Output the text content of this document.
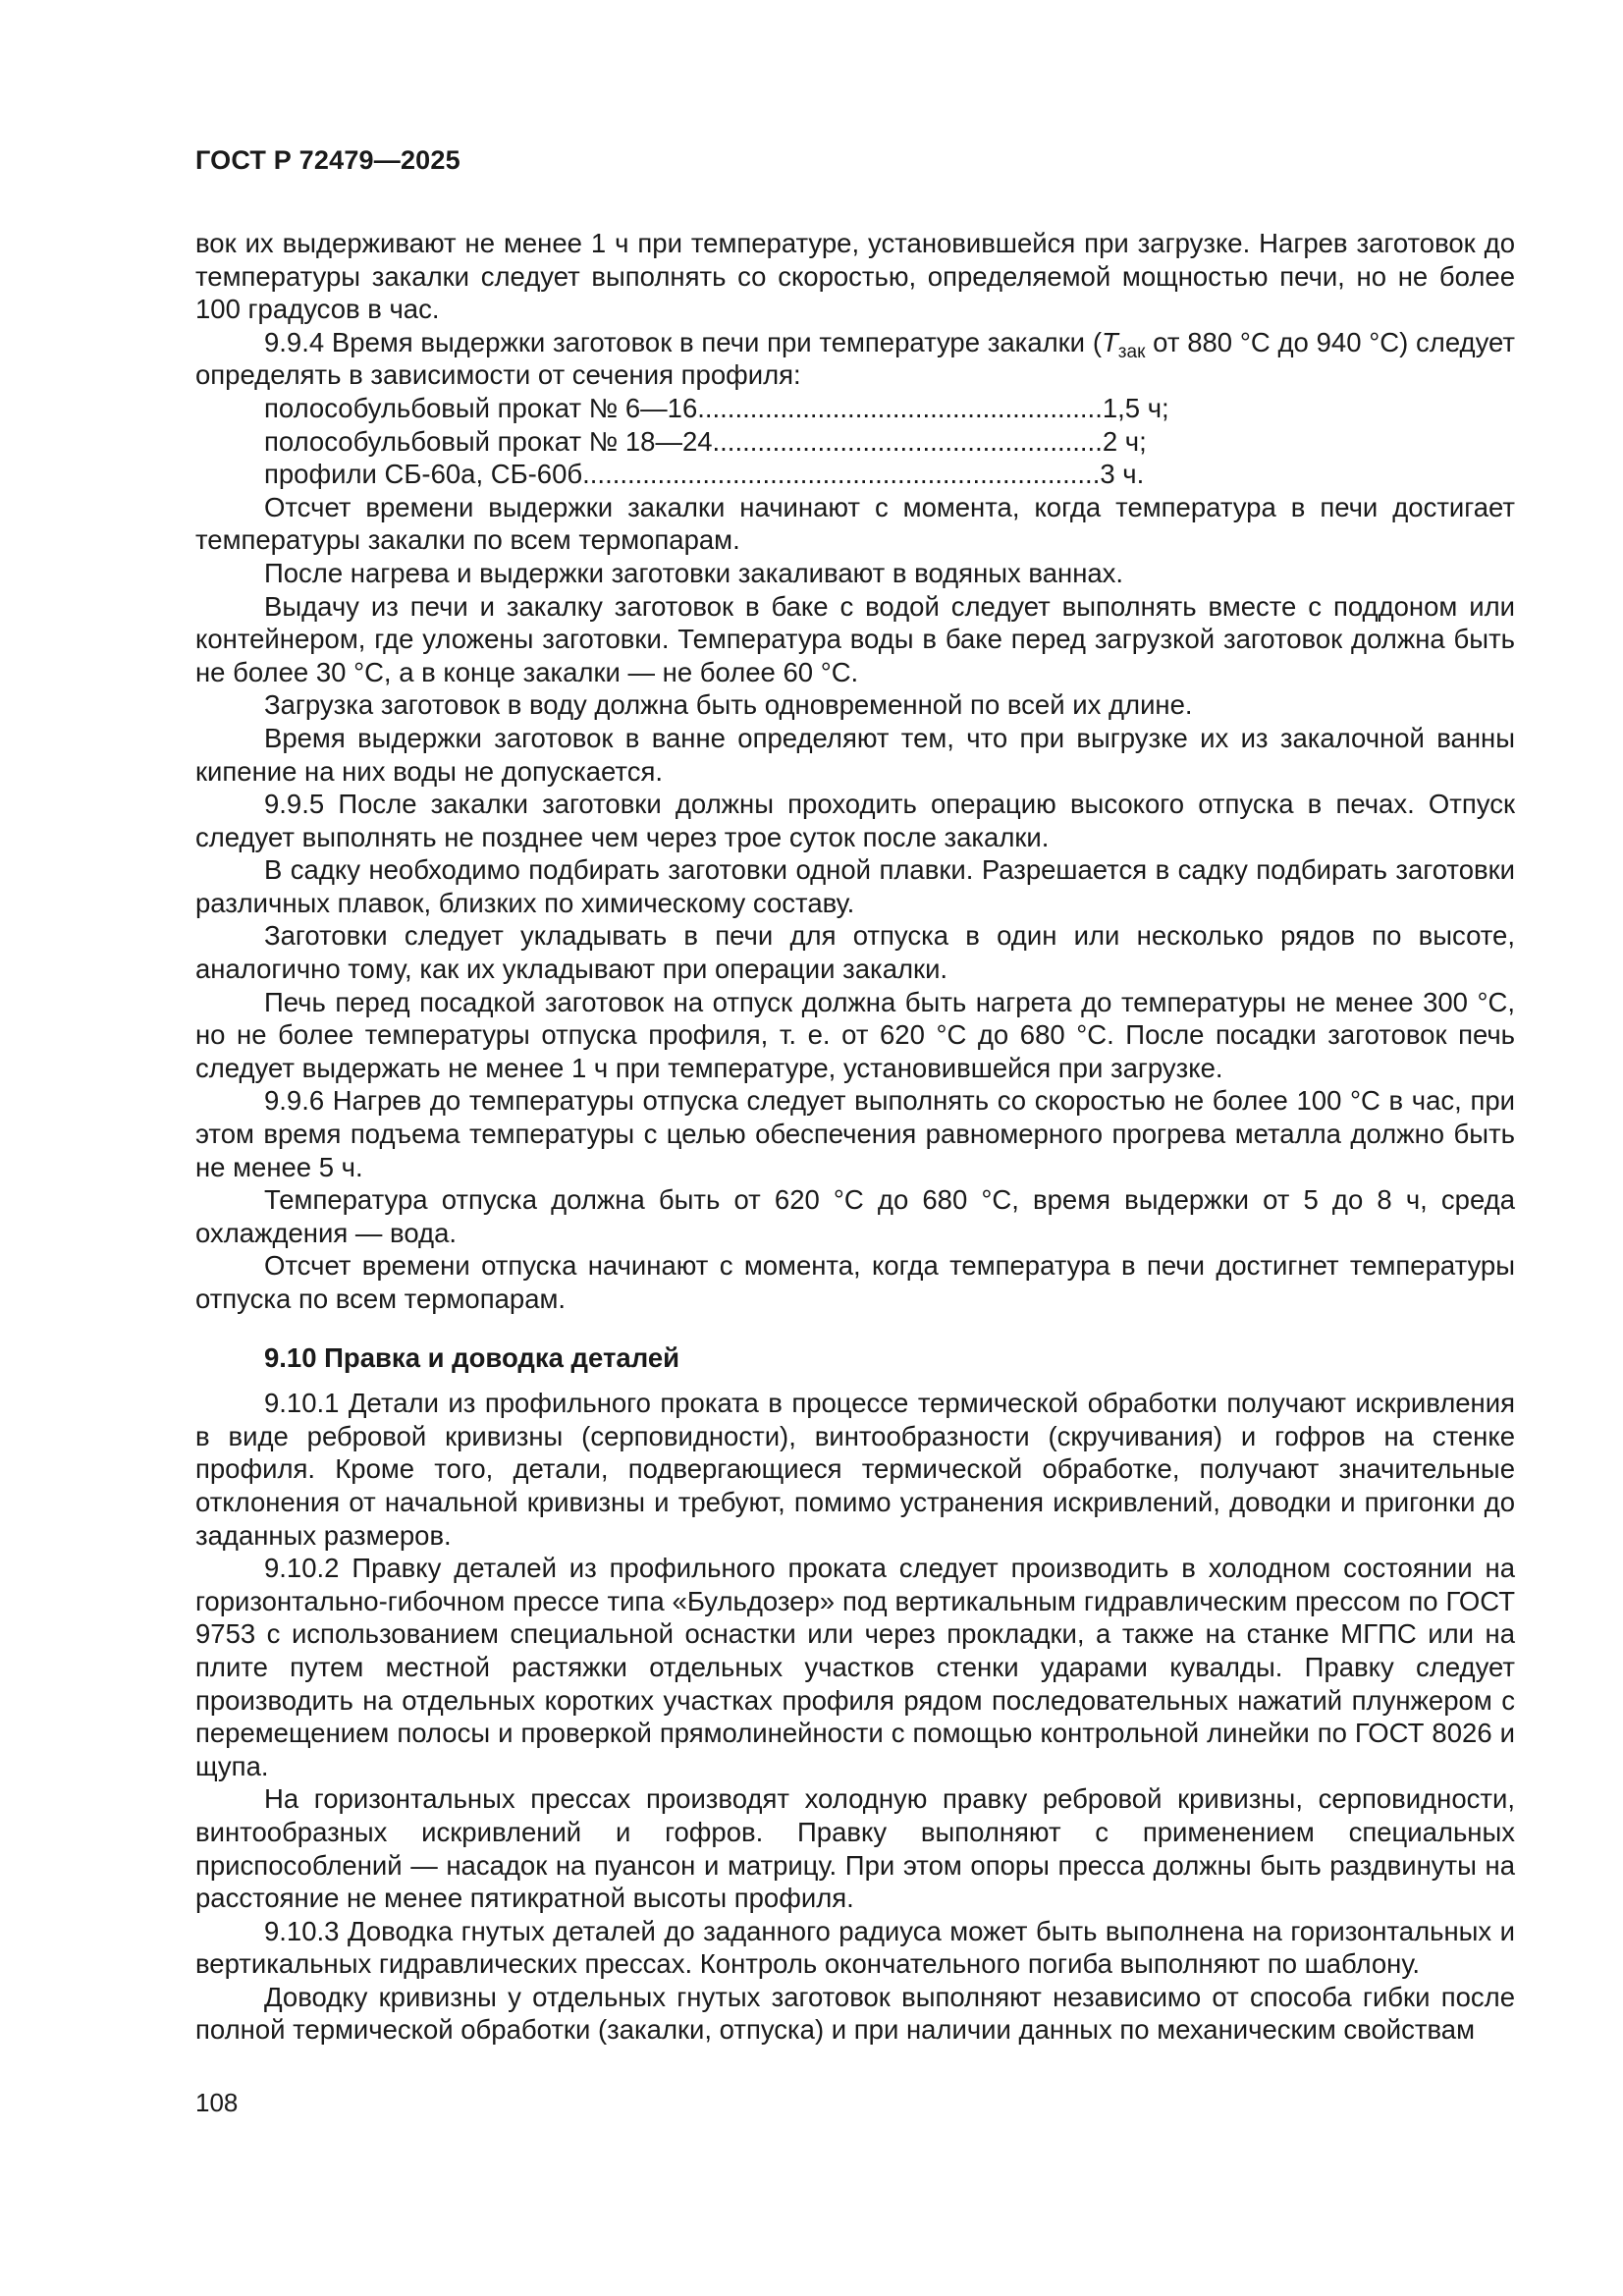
ГОСТ Р 72479—2025

вок их выдерживают не менее 1 ч при температуре, установившейся при загрузке. Нагрев заготовок до температуры закалки следует выполнять со скоростью, определяемой мощностью печи, но не более 100 градусов в час.

9.9.4 Время выдержки заготовок в печи при температуре закалки ($T_{зак}$ от 880 °С до 940 °С) следует определять в зависимости от сечения профиля:

полособульбовый прокат № 6—16 ...................................................... 1,5 ч;

полособульбовый прокат № 18—24 .................................................... 2 ч;

профили СБ-60а, СБ-60б ..................................................................... 3 ч.

Отсчет времени выдержки закалки начинают с момента, когда температура в печи достигает температуры закалки по всем термопарам.

После нагрева и выдержки заготовки закаливают в водяных ваннах.

Выдачу из печи и закалку заготовок в баке с водой следует выполнять вместе с поддоном или контейнером, где уложены заготовки. Температура воды в баке перед загрузкой заготовок должна быть не более 30 °С, а в конце закалки — не более 60 °С.

Загрузка заготовок в воду должна быть одновременной по всей их длине.

Время выдержки заготовок в ванне определяют тем, что при выгрузке их из закалочной ванны кипение на них воды не допускается.

9.9.5 После закалки заготовки должны проходить операцию высокого отпуска в печах. Отпуск следует выполнять не позднее чем через трое суток после закалки.

В садку необходимо подбирать заготовки одной плавки. Разрешается в садку подбирать заготовки различных плавок, близких по химическому составу.

Заготовки следует укладывать в печи для отпуска в один или несколько рядов по высоте, аналогично тому, как их укладывают при операции закалки.

Печь перед посадкой заготовок на отпуск должна быть нагрета до температуры не менее 300 °С, но не более температуры отпуска профиля, т. е. от 620 °С до 680 °С. После посадки заготовок печь следует выдержать не менее 1 ч при температуре, установившейся при загрузке.

9.9.6 Нагрев до температуры отпуска следует выполнять со скоростью не более 100 °С в час, при этом время подъема температуры с целью обеспечения равномерного прогрева металла должно быть не менее 5 ч.

Температура отпуска должна быть от 620 °С до 680 °С, время выдержки от 5 до 8 ч, среда охлаждения — вода.

Отсчет времени отпуска начинают с момента, когда температура в печи достигнет температуры отпуска по всем термопарам.

9.10 Правка и доводка деталей

9.10.1 Детали из профильного проката в процессе термической обработки получают искривления в виде ребровой кривизны (серповидности), винтообразности (скручивания) и гофров на стенке профиля. Кроме того, детали, подвергающиеся термической обработке, получают значительные отклонения от начальной кривизны и требуют, помимо устранения искривлений, доводки и пригонки до заданных размеров.

9.10.2 Правку деталей из профильного проката следует производить в холодном состоянии на горизонтально-гибочном прессе типа «Бульдозер» под вертикальным гидравлическим прессом по ГОСТ 9753 с использованием специальной оснастки или через прокладки, а также на станке МГПС или на плите путем местной растяжки отдельных участков стенки ударами кувалды. Правку следует производить на отдельных коротких участках профиля рядом последовательных нажатий плунжером с перемещением полосы и проверкой прямолинейности с помощью контрольной линейки по ГОСТ 8026 и щупа.

На горизонтальных прессах производят холодную правку ребровой кривизны, серповидности, винтообразных искривлений и гофров. Правку выполняют с применением специальных приспособлений — насадок на пуансон и матрицу. При этом опоры пресса должны быть раздвинуты на расстояние не менее пятикратной высоты профиля.

9.10.3 Доводка гнутых деталей до заданного радиуса может быть выполнена на горизонтальных и вертикальных гидравлических прессах. Контроль окончательного погиба выполняют по шаблону.

Доводку кривизны у отдельных гнутых заготовок выполняют независимо от способа гибки после полной термической обработки (закалки, отпуска) и при наличии данных по механическим свойствам

108
